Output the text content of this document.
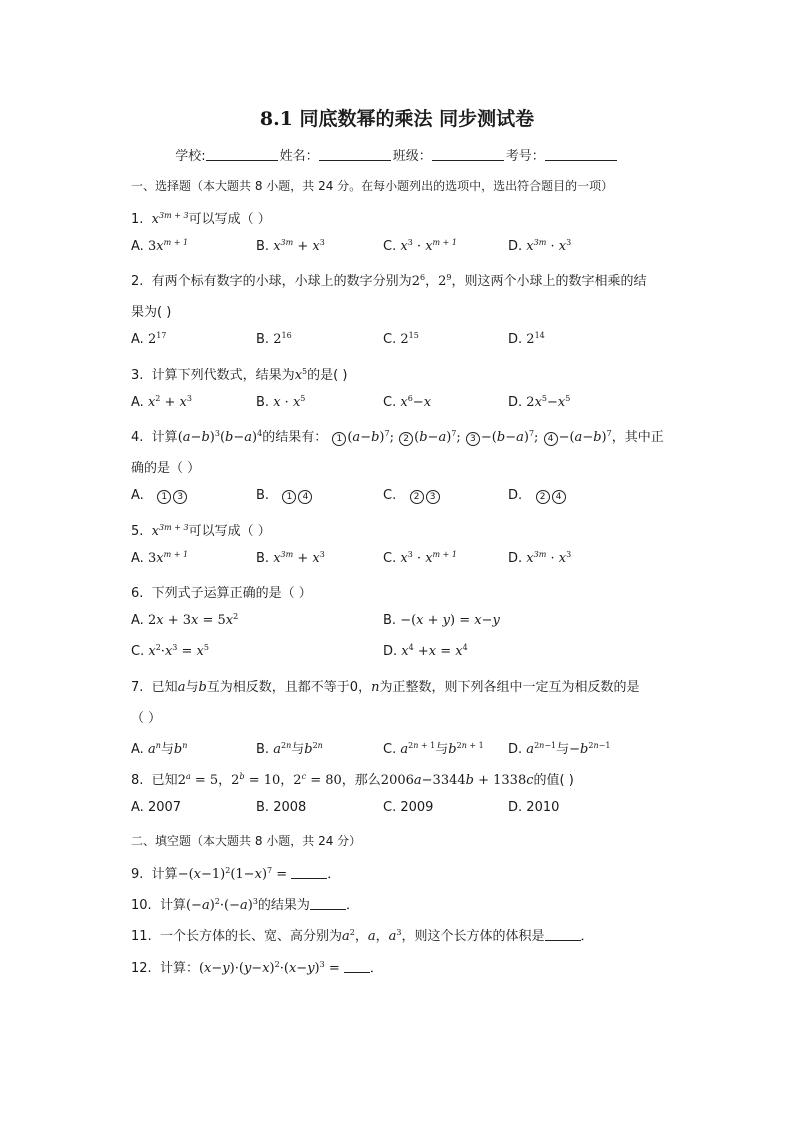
8.1 同底数幂的乘法 同步测试卷
学校:	姓名：	班级：	考号：
一、选择题（本大题共 8 小题，共 24 分。在每小题列出的选项中，选出符合题目的一项）
1. $x^{3m + 3}$可以写成（ ）
A. $3x^{m + 1}$	B. $x^{3m} + x^3$	C. $x^3 \cdot x^{m + 1}$	D. $x^{3m} \cdot x^3$
2. 有两个标有数字的小球，小球上的数字分别为$2^6$，$2^9$，则这两个小球上的数字相乘的结
果为( )
A. $2^{17}$	B. $2^{16}$	C. $2^{15}$	D. $2^{14}$
3. 计算下列代数式，结果为$x^5$的是( )
A. $x^2 + x^3$	B. $x \cdot x^5$	C. $x^6-x$	D. $2x^5-x^5$
4. 计算$(a-b)^3(b-a)^4$的结果有： 1 $(a-b)^7$; 2 $(b-a)^7$; $3 -(b-a)^7$; $4 -(a-b)^7$，其中正
确的是（ ）
A. 1 3	B. 1 4	C. 2 3	D. 2 4
5. $x^{3m + 3}$可以写成（ ）
A. $3x^{m + 1}$	B. $x^{3m} + x^3$	C. $x^3 \cdot x^{m + 1}$	D. $x^{3m} \cdot x^3$
6. 下列式子运算正确的是（ ）
A. $2x + 3x = 5x^2$	B. −(x + y) = x−y
C. $x^2\cdot x^3 = x^5$	D. $x^4 +x = x^4$
7. 已知a与b互为相反数，且都不等于0，n为正整数，则下列各组中一定互为相反数的是
（ ）
A. $a^n$与$b^n$	B. $a^{2n}$与$b^{2n}$	C. $a^{2n + 1}$与$b^{2n + 1}$ D. $a^{2n-1}$与$-b^{2n-1}$
8. 已知$2^a = 5$，$2^b = 10$，$2^c = 80$，那么2006a−3344b + 1338c的值( )
A. 2007	B. 2008	C. 2009	D. 2010
二、填空题（本大题共 8 小题，共 24 分）
9. 计算$-(x-1)^2(1-x)^7$ =	．
10. 计算$(-a)^2\cdot(-a)^3$的结果为	．
11. 一个长方体的长、宽、高分别为$a^2$，a，$a^3$，则这个长方体的体积是	．
12. 计算：$(x-y)\cdot(y-x)^2\cdot(x-y)^3$ = ．
